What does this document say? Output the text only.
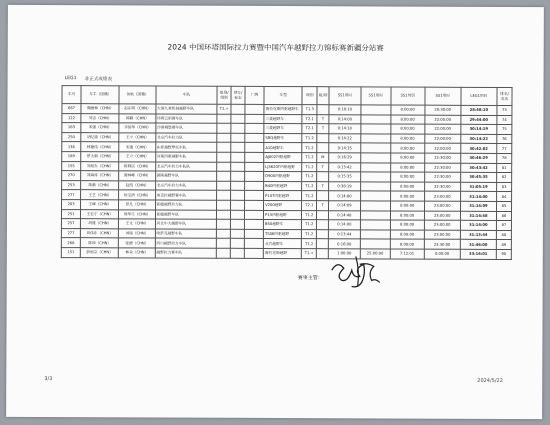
2024 中国环塔国际拉力赛暨中国汽车越野拉力锦标赛新疆分站赛
LEG1 非正式成绩表
车号	车手（国籍）	领航（国籍）	车队	组别/级别	锁车/标志	厂牌	车型	级别	组/别	SS1用时	SS1用时	SS1判罚	SS1用时	LEG1用时	排名/名次
667	魏德林（CHN）	赵东明（CHN）	大漠九星机械越野车队	T1.+			海拉克斯四驱越野车	T1.3		0:18:10		8:00:00	20:30:00	28:48:10	73
122	刘志（CHN）	韩勤（CHN）	环朔云雨赛车队				三菱越野车	T2.1	T	0:14:00		8:00:00	22:00:00	29:44:00	74
183	宋强（CHN）	李国华（CHN）	沙漠城堡赛车队				三菱越野车	T2.1	T	0:14:18		8:00:00	22:00:00	30:14:19	75
250	胡纪晓（CHN）	王平（CHN）	北京汽车拉力队				SRQ越野车	T1.2		0:14:22		8:00:00	22:00:00	30:14:22	76
136	林德伟（CHN）	宋建（CHN）	东祥越野摩托车队				A10越野车	T1.2		0:14:35		8:00:00	22:00:00	30:42:02	77
189	蔡太朝（CHN）	王立（CHN）	河南四驱越野车队				AJ002四驱越野	T1.2	M	0:16:29		8:00:00	22:30:00	30:46:29	78
155	刘旭东（CHN）	陈利民（CHN）	北京汽车拉力车队队				LJ3620T四驱越野	T1.2	T	0:13:42		8:00:00	22:30:00	30:43:42	81
270	刘海涛（CHN）	谢林峰（CHN）	湖南越野车队				D900四驱越野	T1.2		0:15:35		8:00:00	22:30:00	30:45:35	82
253	陈爵（CHN）	赵凯（CHN）	北京汽车拉力车队				B40四驱越野	T1.2	T	0:38:19		8:00:00	22:30:00	31:05:19	83
277	王艺（CHN）	徐宝清（CHN）	奥克拉越野赛车队				P107四驱越野	T1.2		0:14:00		8:00:00	23:00:00	31:14:00	84
203	王峰（CHN）	蔡凡（CHN）	新疆越野拉力队				V200越野	T2.1	T	0:14:09		8:00:00	23:00:00	31:14:09	85
251	王宏宇（CHN）	邢华乐（CHN）	新疆越野车队				P13四驱越野	T1.2		0:14:48		8:00:00	23:00:00	31:14:48	86
257	胡雄（CHN）	王文（CHN）	河北中大越野车队				B50越野车	T1.2		0:14:00		8:00:00	23:00:00	31:14:00	87
277	刘伟东（CHN）	刘瑞（CHN）	哈萨克越野车队				TS06四驱越野	T1.2		0:13:44		8:00:00	23:00:00	31:13:44	88
268	陈坤（CHN）	张德（CHN）	四川越野拉力车队				北汽越野车	T1.2		0:16:00		8:00:00	23:30:00	31:46:00	89
151	彭旭宗（CHN）	林朵（CHN）	越野拉力赛车队				海拉克斯越野	T1.+		1:00:00	25:00:00	7:12:01	0:00:00	33:16:01	90
赛事主管：
3/3	2024/5/22
